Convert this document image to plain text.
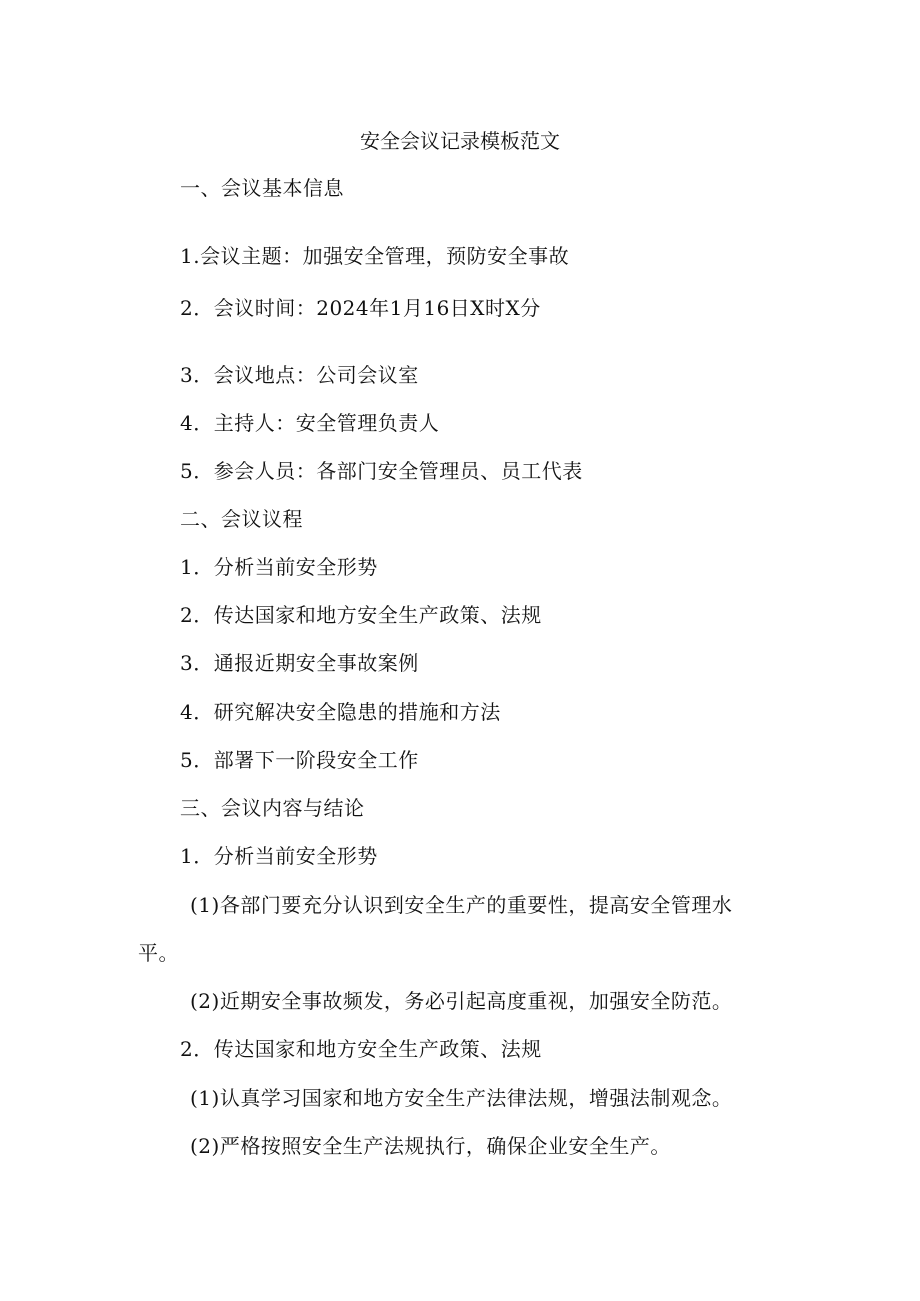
安全会议记录模板范文
一、会议基本信息
1.会议主题：加强安全管理，预防安全事故
2．会议时间：2024年1月16日X时X分
3．会议地点：公司会议室
4．主持人：安全管理负责人
5．参会人员：各部门安全管理员、员工代表
二、会议议程
1．分析当前安全形势
2．传达国家和地方安全生产政策、法规
3．通报近期安全事故案例
4．研究解决安全隐患的措施和方法
5．部署下一阶段安全工作
三、会议内容与结论
1．分析当前安全形势
(1)各部门要充分认识到安全生产的重要性，提高安全管理水
平。
(2)近期安全事故频发，务必引起高度重视，加强安全防范。
2．传达国家和地方安全生产政策、法规
(1)认真学习国家和地方安全生产法律法规，增强法制观念。
(2)严格按照安全生产法规执行，确保企业安全生产。
